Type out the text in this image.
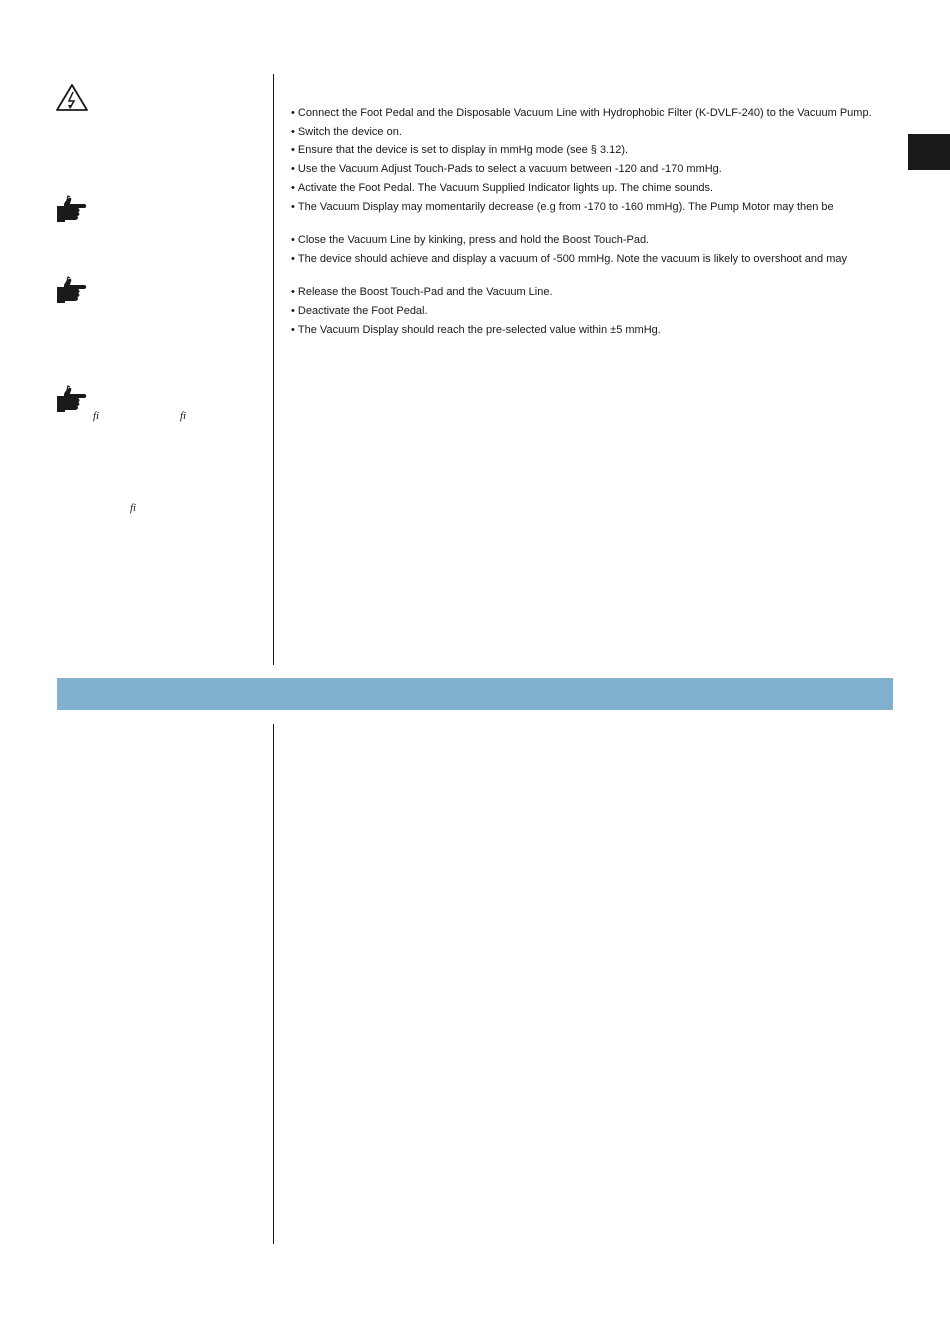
fi	fi
fi
• Connect the Foot Pedal and the Disposable Vacuum Line with Hydrophobic Filter (K-DVLF-240) to the Vacuum Pump.
• Switch the device on.
• Ensure that the device is set to display in mmHg mode (see § 3.12).
• Use the Vacuum Adjust Touch-Pads to select a vacuum between -120 and -170 mmHg.
• Activate the Foot Pedal. The Vacuum Supplied Indicator lights up. The chime sounds.
• The Vacuum Display may momentarily decrease (e.g from -170 to -160 mmHg). The Pump Motor may then be
• Close the Vacuum Line by kinking, press and hold the Boost Touch-Pad.
• The device should achieve and display a vacuum of -500 mmHg. Note the vacuum is likely to overshoot and may
• Release the Boost Touch-Pad and the Vacuum Line.
• Deactivate the Foot Pedal.
• The Vacuum Display should reach the pre-selected value within ±5 mmHg.
